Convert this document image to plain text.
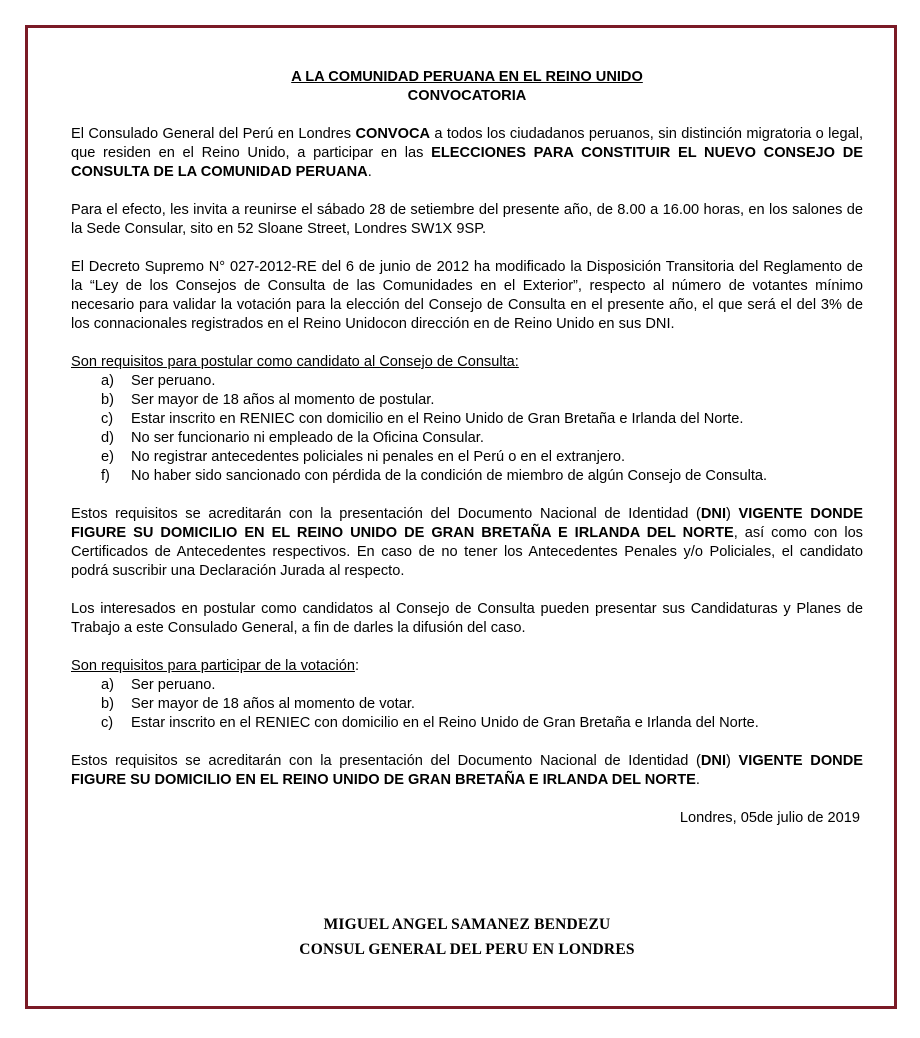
A LA COMUNIDAD PERUANA EN EL REINO UNIDO
CONVOCATORIA

El Consulado General del Perú en Londres CONVOCA a todos los ciudadanos peruanos, sin distinción migratoria o legal, que residen en el Reino Unido, a participar en las ELECCIONES PARA CONSTITUIR EL NUEVO CONSEJO DE CONSULTA DE LA COMUNIDAD PERUANA.

Para el efecto, les invita a reunirse el sábado 28 de setiembre del presente año, de 8.00 a 16.00 horas, en los salones de la Sede Consular, sito en 52 Sloane Street, Londres SW1X 9SP.

El Decreto Supremo N° 027-2012-RE del 6 de junio de 2012 ha modificado la Disposición Transitoria del Reglamento de la “Ley de los Consejos de Consulta de las Comunidades en el Exterior”, respecto al número de votantes mínimo necesario para validar la votación para la elección del Consejo de Consulta en el presente año, el que será el del 3% de los connacionales registrados en el Reino Unidocon dirección en de Reino Unido en sus DNI.

Son requisitos para postular como candidato al Consejo de Consulta:

a) Ser peruano.
b) Ser mayor de 18 años al momento de postular.
c) Estar inscrito en RENIEC con domicilio en el Reino Unido de Gran Bretaña e Irlanda del Norte.
d) No ser funcionario ni empleado de la Oficina Consular.
e) No registrar antecedentes policiales ni penales en el Perú o en el extranjero.
f) No haber sido sancionado con pérdida de la condición de miembro de algún Consejo de Consulta.

Estos requisitos se acreditarán con la presentación del Documento Nacional de Identidad (DNI) VIGENTE DONDE FIGURE SU DOMICILIO EN EL REINO UNIDO DE GRAN BRETAÑA E IRLANDA DEL NORTE, así como con los Certificados de Antecedentes respectivos. En caso de no tener los Antecedentes Penales y/o Policiales, el candidato podrá suscribir una Declaración Jurada al respecto.

Los interesados en postular como candidatos al Consejo de Consulta pueden presentar sus Candidaturas y Planes de Trabajo a este Consulado General, a fin de darles la difusión del caso.

Son requisitos para participar de la votación:

a) Ser peruano.
b) Ser mayor de 18 años al momento de votar.
c) Estar inscrito en el RENIEC con domicilio en el Reino Unido de Gran Bretaña e Irlanda del Norte.

Estos requisitos se acreditarán con la presentación del Documento Nacional de Identidad (DNI) VIGENTE DONDE FIGURE SU DOMICILIO EN EL REINO UNIDO DE GRAN BRETAÑA E IRLANDA DEL NORTE.

Londres, 05de julio de 2019
MIGUEL ANGEL SAMANEZ BENDEZU
CONSUL GENERAL DEL PERU EN LONDRES
